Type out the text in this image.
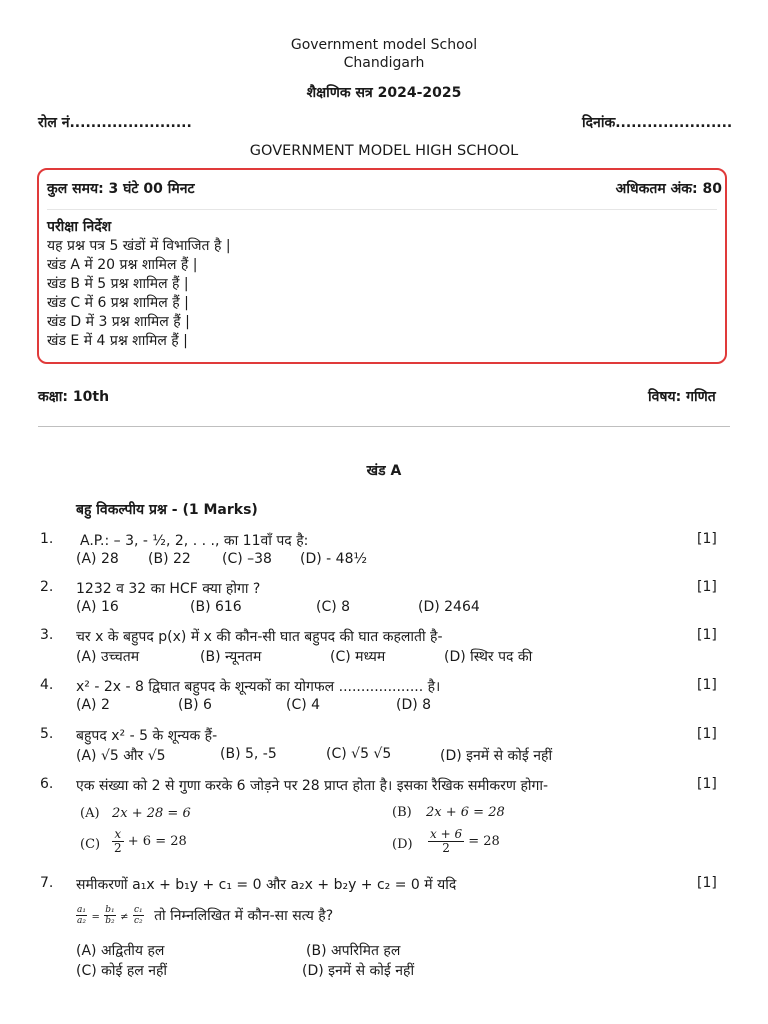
Government model School
Chandigarh
शैक्षणिक सत्र 2024-2025
रोल नं.......................	दिनांक......................
GOVERNMENT MODEL HIGH SCHOOL
कुल समय: 3 घंटे 00 मिनट	अधिकतम अंक: 80
परीक्षा निर्देश
यह प्रश्न पत्र 5 खंडों में विभाजित है |
खंड A में 20 प्रश्न शामिल हैं |
खंड B में 5 प्रश्न शामिल हैं |
खंड C में 6 प्रश्न शामिल हैं |
खंड D में 3 प्रश्न शामिल हैं |
खंड E में 4 प्रश्न शामिल हैं |
कक्षा: 10th	विषय: गणित
खंड A
बहु विकल्पीय प्रश्न - (1 Marks)
1. A.P.: – 3, - ½, 2, . . ., का 11वाँ पद है:	[1]
(A) 28 (B) 22 (C) –38 (D) - 48½
2. 1232 व 32 का HCF क्या होगा ?	[1]
(A) 16	(B) 616	(C) 8	(D) 2464
3. चर x के बहुपद p(x) में x की कौन-सी घात बहुपद की घात कहलाती है-	[1]
(A) उच्चतम	(B) न्यूनतम	(C) मध्यम	(D) स्थिर पद की
4. x² - 2x - 8 द्विघात बहुपद के शून्यकों का योगफल ................... है।	[1]
(A) 2	(B) 6	(C) 4	(D) 8
5. बहुपद x² - 5 के शून्यक हैं-	[1]
(A) √5 और √5	(B) 5, -5	(C) √5 √5	(D) इनमें से कोई नहीं
6. एक संख्या को 2 से गुणा करके 6 जोड़ने पर 28 प्राप्त होता है। इसका रैखिक समीकरण होगा-	[1]
(A) 2x + 28 = 6	(B) 2x + 6 = 28
$(C) \frac{x}{2} + 6 = 28$	$(D) \frac{x + 6}{2} = 28$
7. समीकरणों a₁x + b₁y + c₁ = 0 और a₂x + b₂y + c₂ = 0 में यदि	[1]
$\frac{\text{a₁}}{\text{a₂}} = \frac{\text{b₁}}{\text{b₂}} \ne \frac{\text{c₁}}{\text{c₂}}$ तो निम्नलिखित में कौन-सा सत्य है?
(A) अद्वितीय हल	(B) अपरिमित हल
(C) कोई हल नहीं	(D) इनमें से कोई नहीं
